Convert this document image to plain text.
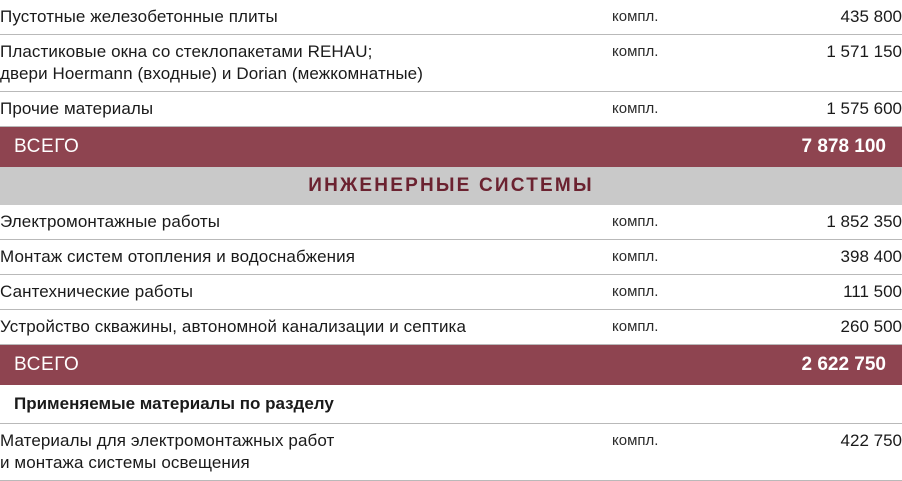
Пустотные железобетонные плиты	компл.	435 800

Пластиковые окна со стеклопакетами REHAU;
двери Hoermann (входные) и Dorian (межкомнатные)	компл.	1 571 150

Прочие материалы	компл.	1 575 600

ВСЕГО		7 878 100
ИНЖЕНЕРНЫЕ СИСТЕМЫ		

Электромонтажные работы	компл.	1 852 350

Монтаж систем отопления и водоснабжения	компл.	398 400

Сантехнические работы	компл.	111 500

Устройство скважины, автономной канализации и септика	компл.	260 500

ВСЕГО		2 622 750
Применяемые материалы по разделу		

Материалы для электромонтажных работ
и монтажа системы освещения	компл.	422 750
